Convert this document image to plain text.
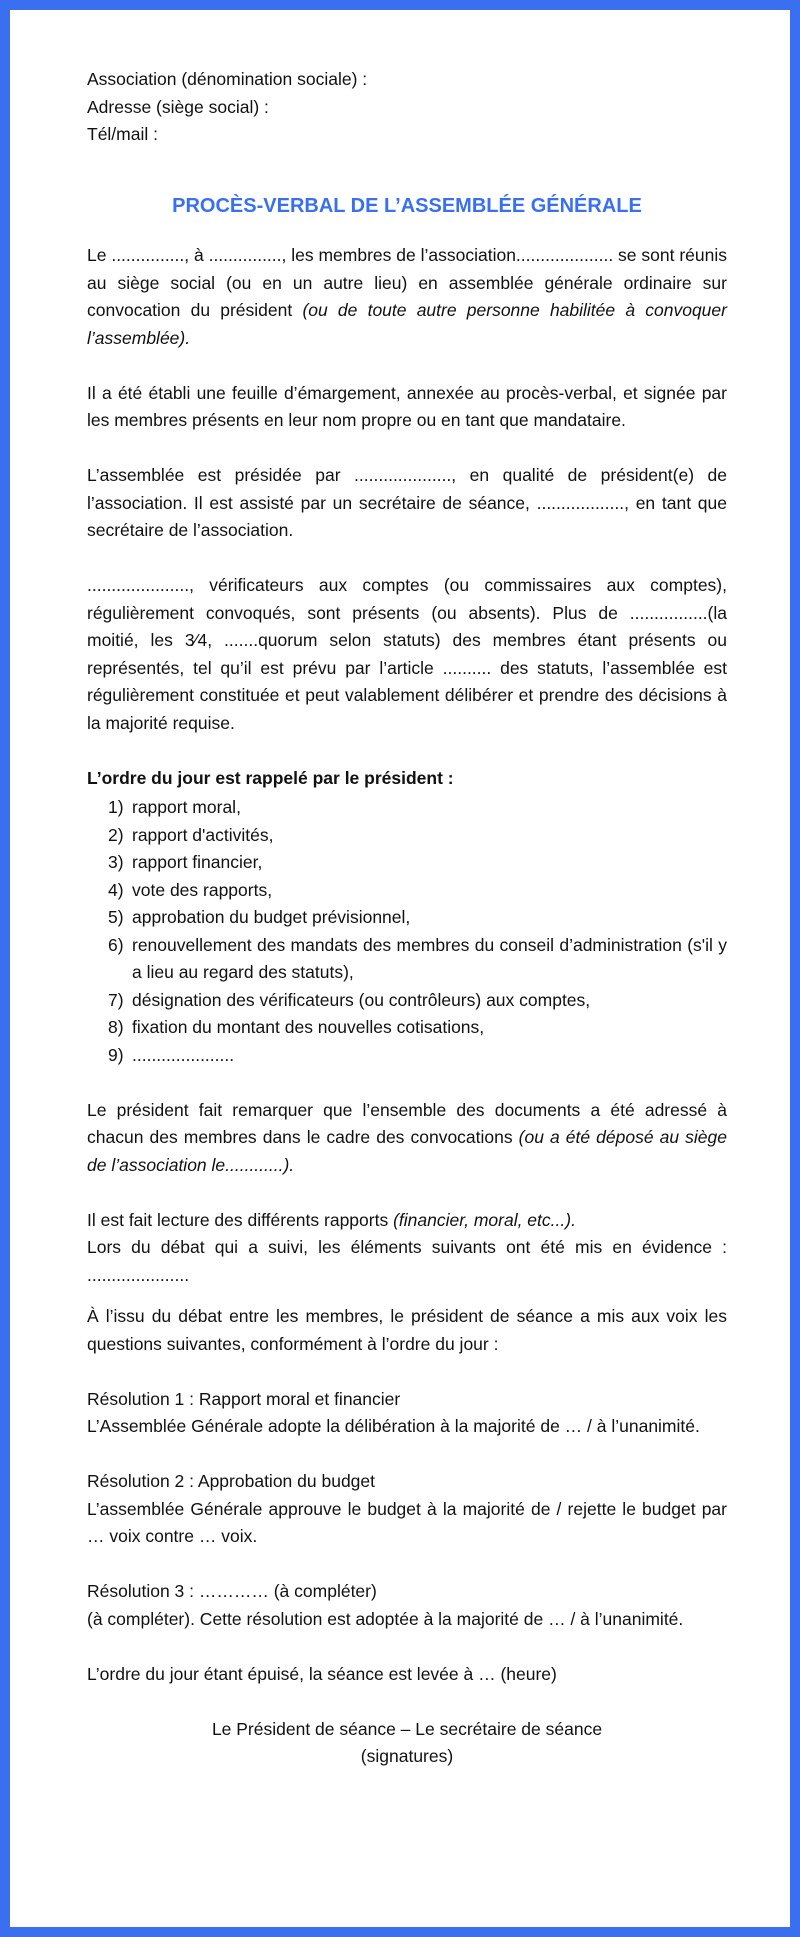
Association (dénomination sociale) :

Adresse (siège social) :

Tél/mail :

PROCÈS-VERBAL DE L’ASSEMBLÉE GÉNÉRALE

Le ..............., à ..............., les membres de l’association.................... se sont réunis au siège social (ou en un autre lieu) en assemblée générale ordinaire sur convocation du président (ou de toute autre personne habilitée à convoquer l’assemblée).

Il a été établi une feuille d’émargement, annexée au procès-verbal, et signée par les membres présents en leur nom propre ou en tant que mandataire.

L’assemblée est présidée par ...................., en qualité de président(e) de l’association. Il est assisté par un secrétaire de séance, .................., en tant que secrétaire de l’association.

....................., vérificateurs aux comptes (ou commissaires aux comptes), régulièrement convoqués, sont présents (ou absents). Plus de ................(la moitié, les 3⁄4, .......quorum selon statuts) des membres étant présents ou représentés, tel qu’il est prévu par l’article .......... des statuts, l’assemblée est régulièrement constituée et peut valablement délibérer et prendre des décisions à la majorité requise.

L’ordre du jour est rappelé par le président :

1) rapport moral,
2) rapport d'activités,
3) rapport financier,
4) vote des rapports,
5) approbation du budget prévisionnel,
6) renouvellement des mandats des membres du conseil d’administration (s'il y a lieu au regard des statuts),
7) désignation des vérificateurs (ou contrôleurs) aux comptes,
8) fixation du montant des nouvelles cotisations,
9) .....................

Le président fait remarquer que l’ensemble des documents a été adressé à chacun des membres dans le cadre des convocations (ou a été déposé au siège de l’association le............).

Il est fait lecture des différents rapports (financier, moral, etc...).

Lors du débat qui a suivi, les éléments suivants ont été mis en évidence : .....................

À l’issu du débat entre les membres, le président de séance a mis aux voix les questions suivantes, conformément à l’ordre du jour :

Résolution 1 : Rapport moral et financier

L’Assemblée Générale adopte la délibération à la majorité de … / à l’unanimité.

Résolution 2 : Approbation du budget

L’assemblée Générale approuve le budget à la majorité de / rejette le budget par … voix contre … voix.

Résolution 3 : ………… (à compléter)

(à compléter). Cette résolution est adoptée à la majorité de … / à l’unanimité.

L’ordre du jour étant épuisé, la séance est levée à … (heure)

Le Président de séance – Le secrétaire de séance
(signatures)
